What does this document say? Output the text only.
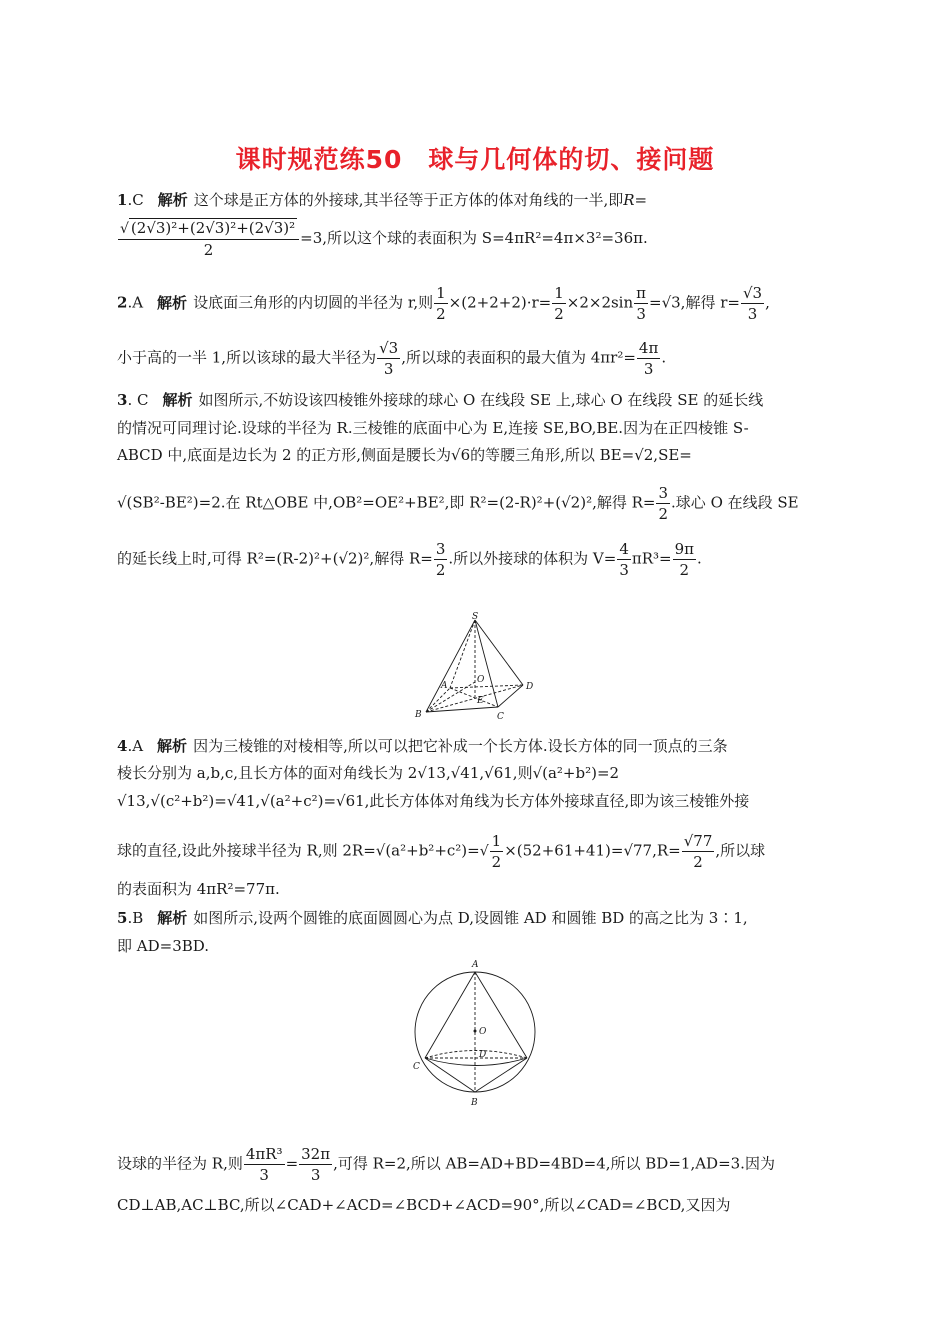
课时规范练50　球与几何体的切、接问题
1.C 解析 这个球是正方体的外接球,其半径等于正方体的体对角线的一半,即R=
$\frac{\text{√ (2√3)²+(2√3)²+(2√3)²}}{2} =3$,所以这个球的表面积为 S=4πR²=4π×3²=36π.
2.A 解析 设底面三角形的内切圆的半径为 r,则 $\frac{1}{2} \times(2+2+2)\cdot r= \frac{1}{2} \times 2\times 2\sin \frac{\pi}{3} =√3$,解得 $r= \frac{√3}{3}$ ,
小于高的一半 1,所以该球的最大半径为 $\frac{√3}{3}$ ,所以球的表面积的最大值为 $4\pi r^2= \frac{4\pi}{3}$ .
3. C 解析 如图所示,不妨设该四棱锥外接球的球心 O 在线段 SE 上,球心 O 在线段 SE 的延长线
的情况可同理讨论.设球的半径为 R.三棱锥的底面中心为 E,连接 SE,BO,BE.因为在正四棱锥 S-
ABCD 中,底面是边长为 2 的正方形,侧面是腰长为√6的等腰三角形,所以 BE=√2,SE=
√(SB²-BE²)=2.在 Rt△OBE 中,OB²=OE²+BE²,即 R²=(2-R)²+(√2)²,解得 $R= \frac{3}{2}$ .球心 O 在线段 SE
的延长线上时,可得 R²=(R-2)²+(√2)²,解得 $R= \frac{3}{2}$ .所以外接球的体积为 $V= \frac{4}{3} \pi R^3= \frac{9\pi}{2}$ .
S
A
O
D
E
B	C
4.A 解析 因为三棱锥的对棱相等,所以可以把它补成一个长方体.设长方体的同一顶点的三条
棱长分别为 a,b,c,且长方体的面对角线长为 2√13,√41,√61,则√(a²+b²)=2
√13,√(c²+b²)=√41,√(a²+c²)=√61,此长方体体对角线为长方体外接球直径,即为该三棱锥外接
球的直径,设此外接球半径为 R,则 $2R=√(a^2+b^2+c^2)=√ \frac{1}{2} \times(52+61+41)=√77,R= \frac{√77}{2}$ ,所以球
的表面积为 4πR²=77π.
5.B 解析 如图所示,设两个圆锥的底面圆圆心为点 D,设圆锥 AD 和圆锥 BD 的高之比为 3∶1,
即 AD=3BD.
A
O
D
C
B
设球的半径为 R,则 $\frac{\text{4πR³}}{3} = \frac{32\pi}{3}$ ,可得 R=2,所以 AB=AD+BD=4BD=4,所以 BD=1,AD=3.因为
CD⊥AB,AC⊥BC,所以∠CAD+∠ACD=∠BCD+∠ACD=90°,所以∠CAD=∠BCD,又因为
